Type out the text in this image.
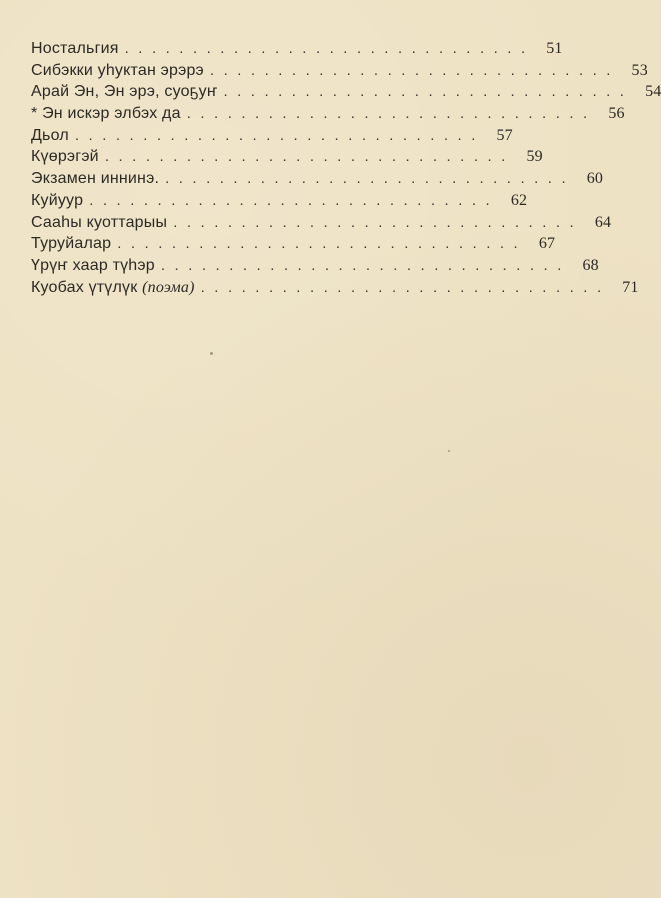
Ностальгия .............................. 51
Сибэкки уһуктан эрэрэ .............................. 53
Арай Эн, Эн эрэ, суоҕуҥ .............................. 54
* Эн искэр элбэх да .............................. 56
Дьол .............................. 57
Күөрэгэй .............................. 59
Экзамен иннинэ. .............................. 60
Куйуур .............................. 62
Сааһы куоттарыы .............................. 64
Туруйалар .............................. 67
Үрүҥ хаар түһэр .............................. 68
Куобах үтүлүк (поэма) .............................. 71
